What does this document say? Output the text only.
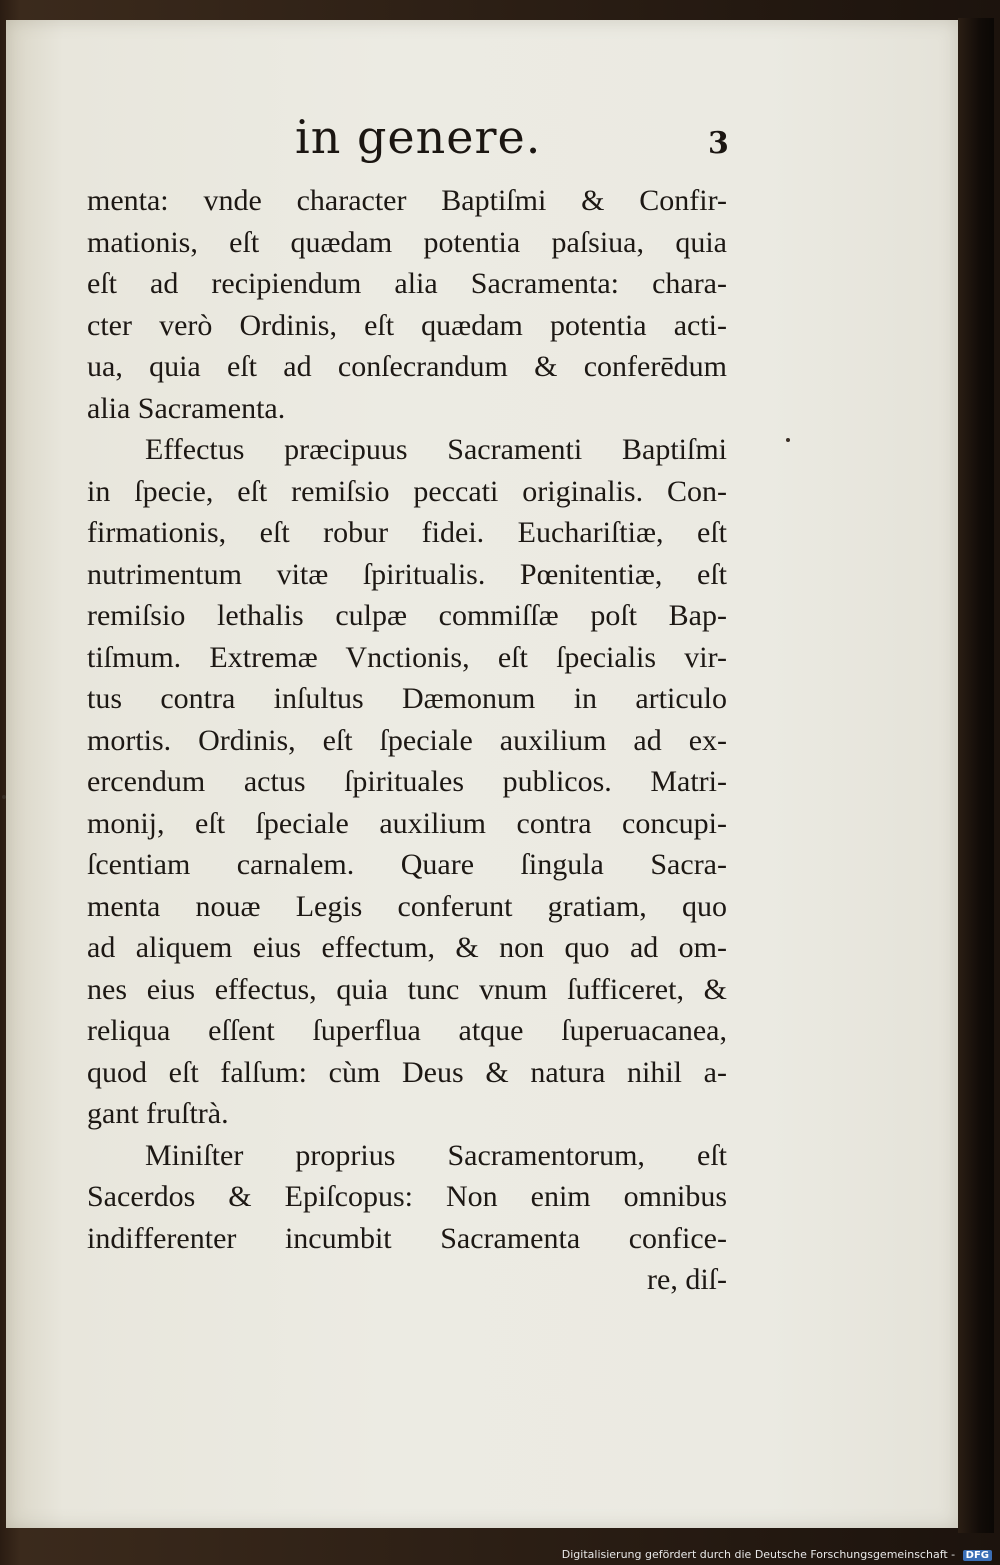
in genere.	3
menta: vnde character Baptiſmi & Confir-
mationis, eſt quædam potentia paſsiua, quia
eſt ad recipiendum alia Sacramenta: chara-
cter verò Ordinis, eſt quædam potentia acti-
ua, quia eſt ad conſecrandum & conferēdum
alia Sacramenta.
Effectus præcipuus Sacramenti Baptiſmi
in ſpecie, eſt remiſsio peccati originalis. Con-
firmationis, eſt robur fidei. Euchariſtiæ, eſt
nutrimentum vitæ ſpiritualis. Pœnitentiæ, eſt
remiſsio lethalis culpæ commiſſæ poſt Bap-
tiſmum. Extremæ Vnctionis, eſt ſpecialis vir-
tus contra inſultus Dæmonum in articulo
mortis. Ordinis, eſt ſpeciale auxilium ad ex-
ercendum actus ſpirituales publicos. Matri-
monij, eſt ſpeciale auxilium contra concupi-
ſcentiam carnalem. Quare ſingula Sacra-
menta nouæ Legis conferunt gratiam, quo
ad aliquem eius effectum, & non quo ad om-
nes eius effectus, quia tunc vnum ſufficeret, &
reliqua eſſent ſuperflua atque ſuperuacanea,
quod eſt falſum: cùm Deus & natura nihil a-
gant fruſtrà.
Miniſter proprius Sacramentorum, eſt
Sacerdos & Epiſcopus: Non enim omnibus
indifferenter incumbit Sacramenta confice-
re, diſ-
Digitalisierung gefördert durch die Deutsche Forschungsgemeinschaft - DFG
